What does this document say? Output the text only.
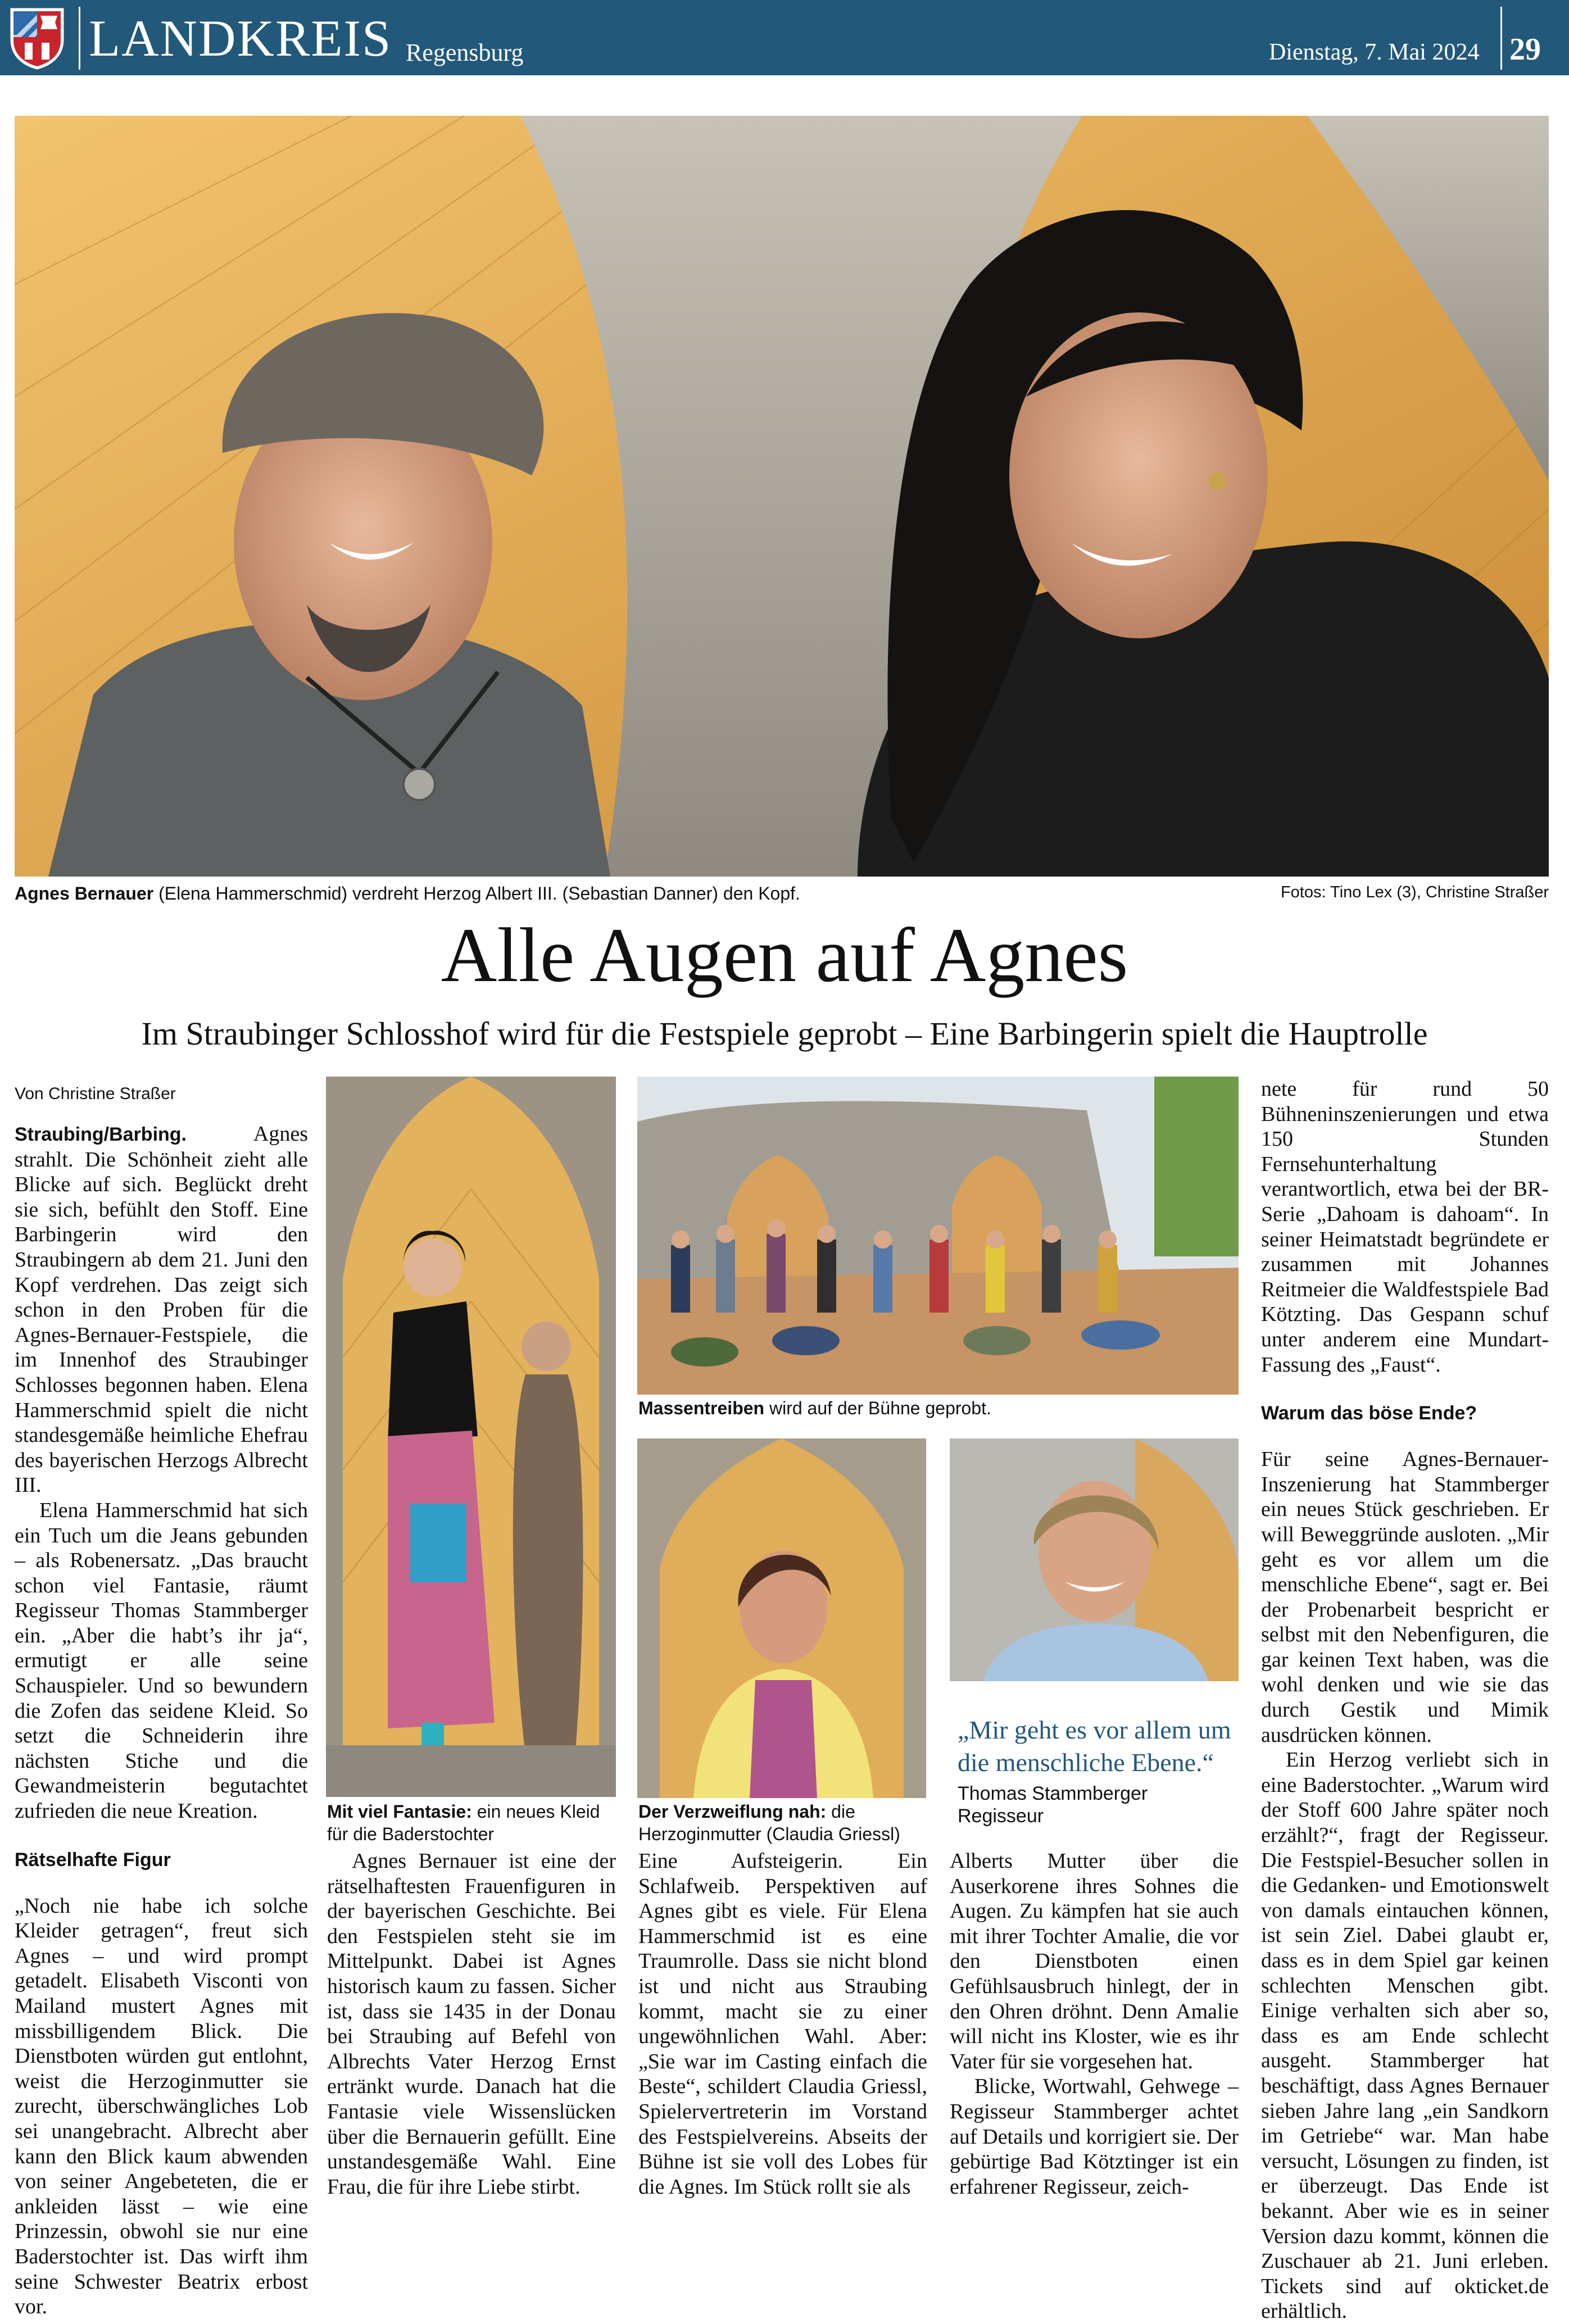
LANDKREIS Regensburg	Dienstag, 7. Mai 2024 29
Agnes Bernauer (Elena Hammerschmid) verdreht Herzog Albert III. (Sebastian Danner) den Kopf.	Fotos: Tino Lex (3), Christine Straßer
Alle Augen auf Agnes
Im Straubinger Schlosshof wird für die Festspiele geprobt – Eine Barbingerin spielt die Hauptrolle
Von Christine Straßer

Straubing/Barbing.	Agnes strahlt. Die Schönheit zieht alle Blicke auf sich. Beglückt dreht sie sich, befühlt den Stoff. Eine Barbingerin wird den Straubingern ab dem 21. Juni den Kopf verdrehen. Das zeigt sich schon in den Proben für die Agnes-Bernauer-Festspiele, die im Innenhof des Straubinger Schlosses begonnen haben. Elena Hammerschmid spielt die nicht standesgemäße heimliche Ehefrau des bayerischen Herzogs Albrecht III.

Elena Hammerschmid hat sich ein Tuch um die Jeans gebunden – als Robenersatz. „Das braucht schon viel Fantasie, räumt Regisseur Thomas Stammberger ein. „Aber die habt’s ihr ja“, ermutigt er alle seine Schauspieler. Und so bewundern die Zofen das seidene Kleid. So setzt die Schneiderin ihre nächsten Stiche und die Gewandmeisterin begutachtet zufrieden die neue Kreation.

Rätselhafte Figur

„Noch nie habe ich solche Kleider getragen“, freut sich Agnes – und wird prompt getadelt. Elisabeth Visconti von Mailand mustert Agnes mit missbilligendem Blick. Die Dienstboten würden gut entlohnt, weist die Herzoginmutter sie zurecht, überschwängliches Lob sei unangebracht. Albrecht aber kann den Blick kaum abwenden von seiner Angebeteten, die er ankleiden lässt – wie eine Prinzessin, obwohl sie nur eine Baderstochter ist. Das wirft ihm seine Schwester Beatrix erbost vor.

Mit viel Fantasie: ein neues Kleid für die Baderstochter
Massentreiben wird auf der Bühne geprobt.
Der Verzweiflung nah: die Herzoginmutter (Claudia Griessl)
„Mir geht es vor allem um die menschliche Ebene.“
Thomas Stammberger
Regisseur

Agnes Bernauer ist eine der rätselhaftesten Frauenfiguren in der bayerischen Geschichte. Bei den Festspielen steht sie im Mittelpunkt. Dabei ist Agnes historisch kaum zu fassen. Sicher ist, dass sie 1435 in der Donau bei Straubing auf Befehl von Albrechts Vater Herzog Ernst ertränkt wurde. Danach hat die Fantasie viele Wissenslücken über die Bernauerin gefüllt. Eine unstandesgemäße Wahl. Eine Frau, die für ihre Liebe stirbt.

Eine Aufsteigerin. Ein Schlafweib. Perspektiven auf Agnes gibt es viele. Für Elena Hammerschmid ist es eine Traumrolle. Dass sie nicht blond ist und nicht aus Straubing kommt, macht sie zu einer ungewöhnlichen Wahl. Aber: „Sie war im Casting einfach die Beste“, schildert Claudia Griessl, Spielervertreterin im Vorstand des Festspielvereins. Abseits der Bühne ist sie voll des Lobes für die Agnes. Im Stück rollt sie als

Alberts Mutter über die Auserkorene ihres Sohnes die Augen. Zu kämpfen hat sie auch mit ihrer Tochter Amalie, die vor den Dienstboten einen Gefühlsausbruch hinlegt, der in den Ohren dröhnt. Denn Amalie will nicht ins Kloster, wie es ihr Vater für sie vorgesehen hat.

Blicke, Wortwahl, Gehwege – Regisseur Stammberger achtet auf Details und korrigiert sie. Der gebürtige Bad Kötztinger ist ein erfahrener Regisseur, zeich-

nete für rund 50 Bühneninszenierungen und etwa 150 Stunden Fernsehunterhaltung verantwortlich, etwa bei der BR-Serie „Dahoam is dahoam“. In seiner Heimatstadt begründete er zusammen mit Johannes Reitmeier die Waldfestspiele Bad Kötzting. Das Gespann schuf unter anderem eine Mundart-Fassung des „Faust“.

Warum das böse Ende?

Für seine Agnes-Bernauer-Inszenierung hat Stammberger ein neues Stück geschrieben. Er will Beweggründe ausloten. „Mir geht es vor allem um die menschliche Ebene“, sagt er. Bei der Probenarbeit bespricht er selbst mit den Nebenfiguren, die gar keinen Text haben, was die wohl denken und wie sie das durch Gestik und Mimik ausdrücken können.

Ein Herzog verliebt sich in eine Baderstochter. „Warum wird der Stoff 600 Jahre später noch erzählt?“, fragt der Regisseur. Die Festspiel-Besucher sollen in die Gedanken- und Emotionswelt von damals eintauchen können, ist sein Ziel. Dabei glaubt er, dass es in dem Spiel gar keinen schlechten Menschen gibt. Einige verhalten sich aber so, dass es am Ende schlecht ausgeht. Stammberger hat beschäftigt, dass Agnes Bernauer sieben Jahre lang „ein Sandkorn im Getriebe“ war. Man habe versucht, Lösungen zu finden, ist er überzeugt. Das Ende ist bekannt. Aber wie es in seiner Version dazu kommt, können die Zuschauer ab 21. Juni erleben. Tickets sind auf okticket.de erhältlich.
